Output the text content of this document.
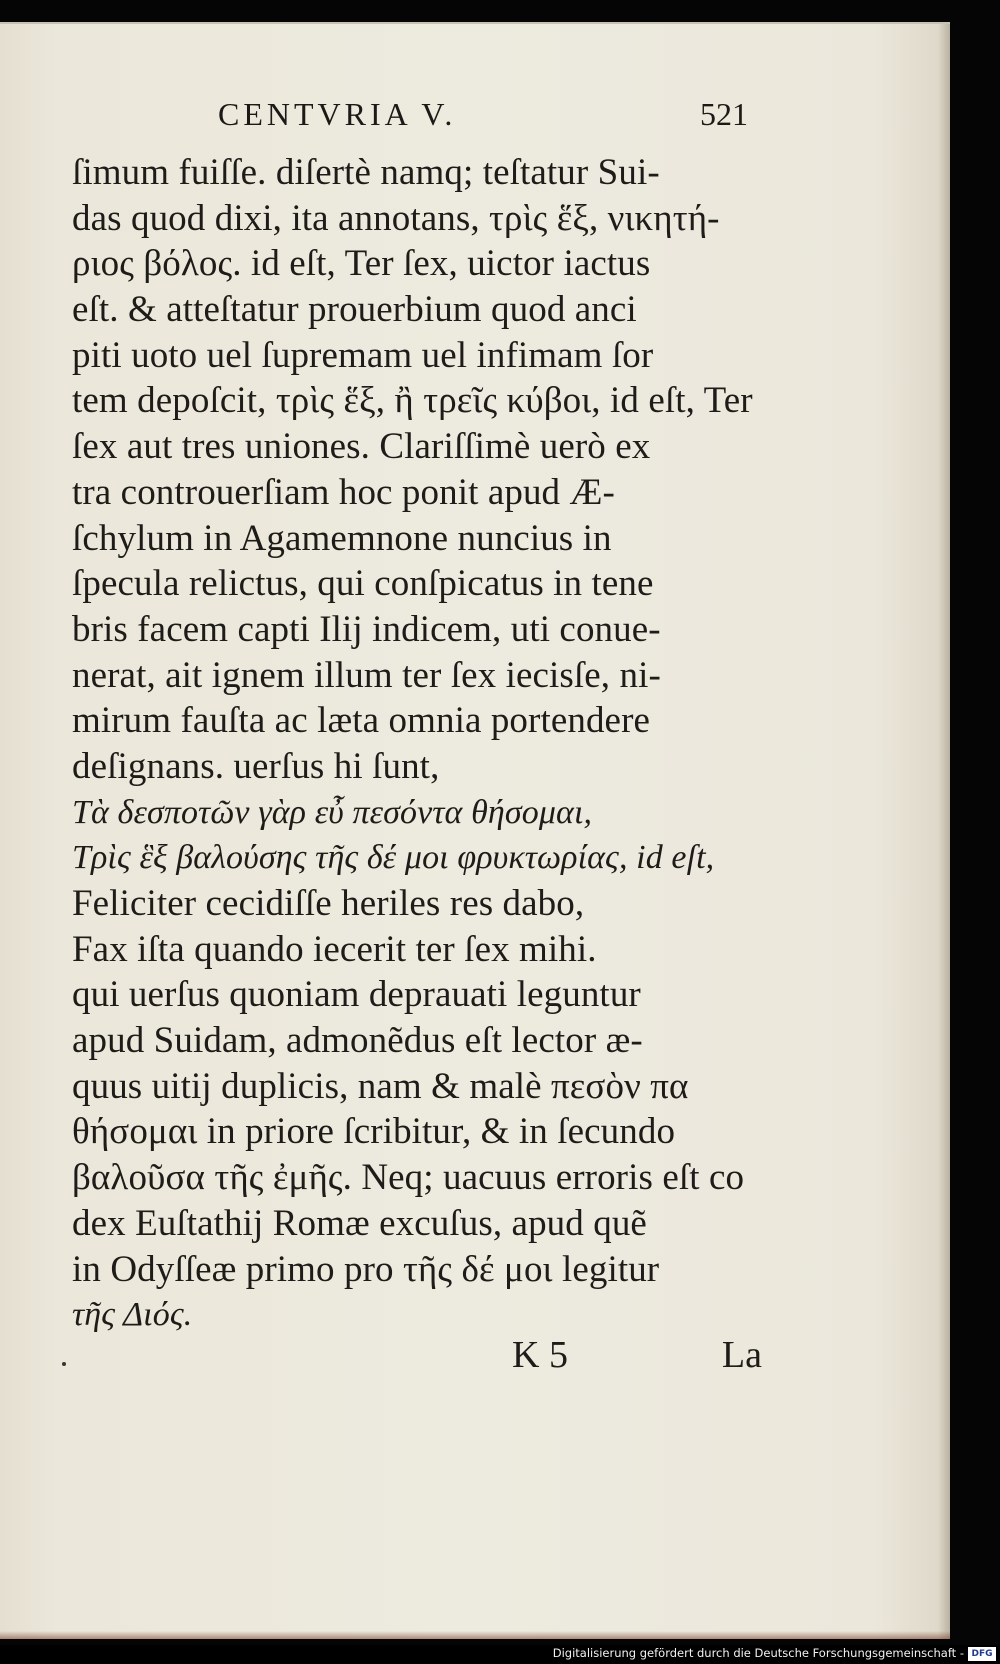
CENTVRIA V.	521
ſimum fuiſſe. diſertè namq; teſtatur Sui-
das quod dixi, ita annotans, τρὶς ἕξ, νικητή-
ριος βόλος. id eſt, Ter ſex, uictor iactus
eſt. & atteſtatur prouerbium quod anci
piti uoto uel ſupremam uel infimam ſor
tem depoſcit, τρὶς ἕξ, ἢ τρεῖς κύβοι, id eſt, Ter
ſex aut tres uniones. Clariſſimè uerò ex
tra controuerſiam hoc ponit apud Æ-
ſchylum in Agamemnone nuncius in
ſpecula relictus, qui conſpicatus in tene
bris facem capti Ilij indicem, uti conue-
nerat, ait ignem illum ter ſex iecisſe, ni-
mirum fauſta ac læta omnia portendere
deſignans. uerſus hi ſunt,
Τὰ δεσποτῶν γὰρ εὖ πεσόντα θήσομαι,
Τρὶς ἓξ βαλούσης τῆς δέ μοι φρυκτωρίας, id eſt,
Feliciter cecidiſſe heriles res dabo,
Fax iſta quando iecerit ter ſex mihi.
qui uerſus quoniam deprauati leguntur
apud Suidam, admonẽdus eſt lector æ-
quus uitij duplicis, nam & malè πεσὸν πα
θήσομαι in priore ſcribitur, & in ſecundo
βαλοῦσα τῆς ἐμῆς. Neq; uacuus erroris eſt co
dex Euſtathij Romæ excuſus, apud quẽ
in Odyſſeæ primo pro τῆς δέ μοι legitur
τῆς Διός.
K 5	La
Digitalisierung gefördert durch die Deutsche Forschungsgemeinschaft - DFG
